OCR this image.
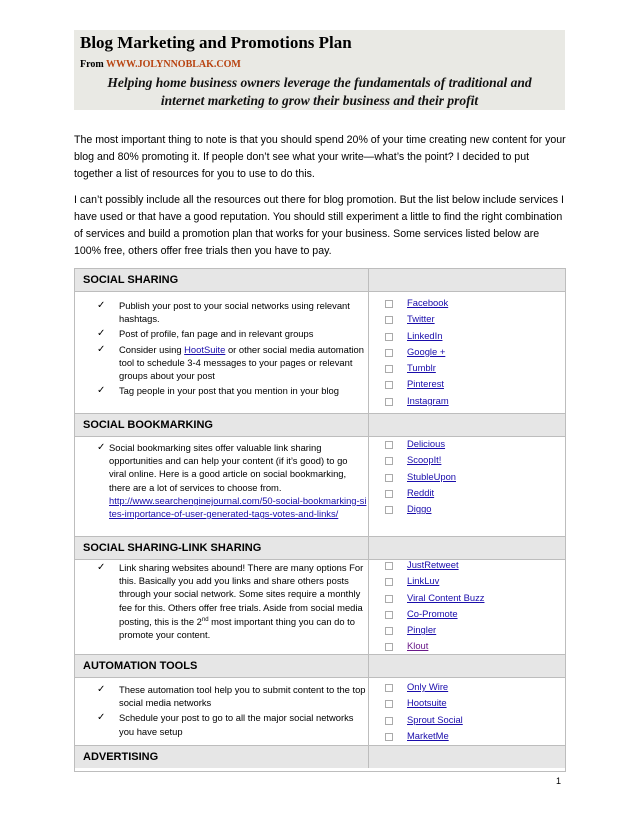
Blog Marketing and Promotions Plan
From WWW.JOLYNNOBLAK.COM
Helping home business owners leverage the fundamentals of traditional and
internet marketing to grow their business and their profit

The most important thing to note is that you should spend 20% of your time creating new content for your blog and 80% promoting it. If people don’t see what your write—what’s the point? I decided to put together a list of resources for you to use to do this.

I can’t possibly include all the resources out there for blog promotion. But the list below include services I have used or that have a good reputation. You should still experiment a little to find the right combination of services and build a promotion plan that works for your business. Some services listed below are 100% free, others offer free trials then you have to pay.

SOCIAL SHARING
✓ Publish your post to your social networks using relevant hashtags.
✓ Post of profile, fan page and in relevant groups
✓ Consider using HootSuite or other social media automation tool to schedule 3-4 messages to your pages or relevant groups about your post
✓ Tag people in your post that you mention in your blog
Facebook
Twitter
LinkedIn
Google +
Tumblr
Pinterest
Instagram
SOCIAL BOOKMARKING
✓ Social bookmarking sites offer valuable link sharing opportunities and can help your content (if it’s good) to go viral online. Here is a good article on social bookmarking, there are a lot of services to choose from.
http://www.searchenginejournal.com/50-social-bookmarking-sites-importance-of-user-generated-tags-votes-and-links/
Delicious
ScoopIt!
StubleUpon
Reddit
Diggo
SOCIAL SHARING-LINK SHARING
✓ Link sharing websites abound! There are many options For this. Basically you add you links and share others posts through your social network. Some sites require a monthly fee for this. Others offer free trials. Aside from social media posting, this is the 2nd most important thing you can do to promote your content.
JustRetweet
LinkLuv
Viral Content Buzz
Co-Promote
Pingler
Klout
AUTOMATION TOOLS
✓ These automation tool help you to submit content to the top social media networks
✓ Schedule your post to go to all the major social networks you have setup
Only Wire
Hootsuite
Sprout Social
MarketMe
ADVERTISING
1
